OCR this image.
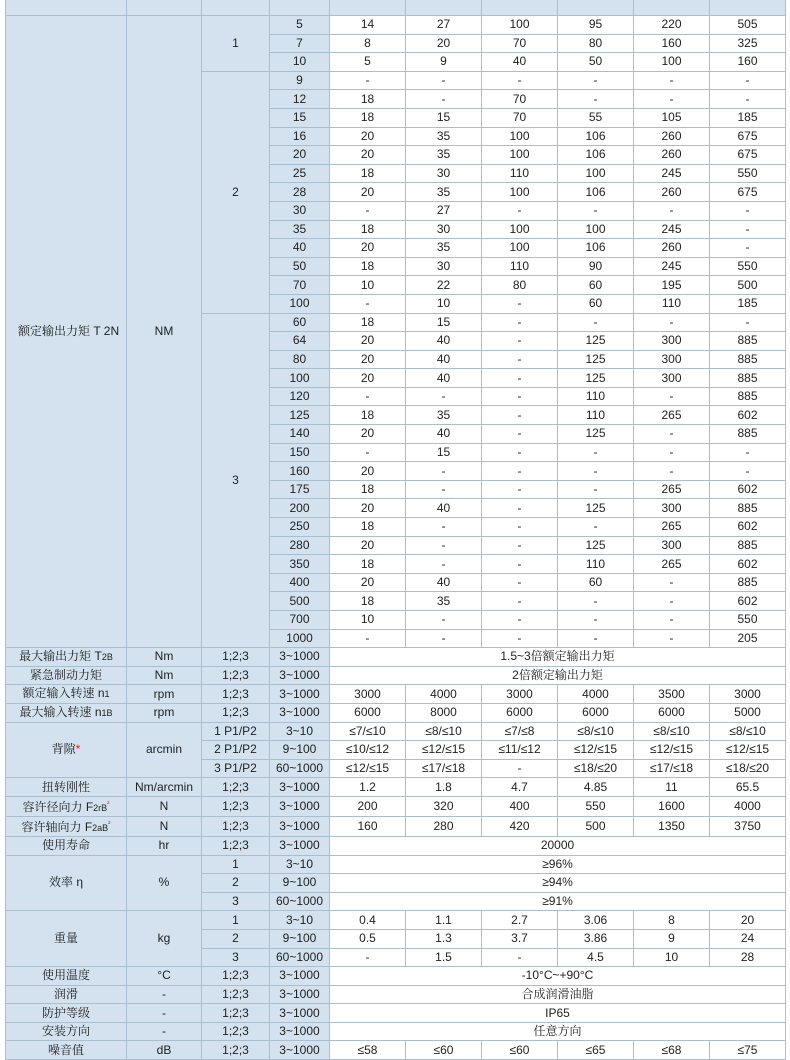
额定输出力矩 T 2N	NM	1	5	14	27	100	95	220	505
			7	8	20	70	80	160	325
			10	5	9	40	50	100	160
		2	9	-	-	-	-	-	-
			12	18	-	70	-	-	-
			15	18	15	70	55	105	185
			16	20	35	100	106	260	675
			20	20	35	100	106	260	675
			25	18	30	110	100	245	550
			28	20	35	100	106	260	675
			30	-	27	-	-	-	-
			35	18	30	100	100	245	-
			40	20	35	100	106	260	-
			50	18	30	110	90	245	550
			70	10	22	80	60	195	500
			100	-	10	-	60	110	185
		3	60	18	15	-	-	-	-
			64	20	40	-	125	300	885
			80	20	40	-	125	300	885
			100	20	40	-	125	300	885
			120	-	-	-	110	-	885
			125	18	35	-	110	265	602
			140	20	40	-	125	-	885
			150	-	15	-	-	-	-
			160	20	-	-	-	-	-
			175	18	-	-	-	265	602
			200	20	40	-	125	300	885
			250	18	-	-	-	265	602
			280	20	-	-	125	300	885
			350	18	-	-	110	265	602
			400	20	40	-	60	-	885
			500	18	35	-	-	-	602
			700	10	-	-	-	-	550
			1000	-	-	-	-	-	205
最大输出力矩 T2B	Nm	1;2;3	3~1000	1.5~3倍额定输出力矩					
紧急制动力矩	Nm	1;2;3	3~1000	2倍额定输出力矩					
额定输入转速 n1	rpm	1;2;3	3~1000	3000	4000	3000	4000	3500	3000
最大输入转速 n1B	rpm	1;2;3	3~1000	6000	8000	6000	6000	6000	5000
背隙*	arcmin	1 P1/P2	3~10	≤7/≤10	≤8/≤10	≤7/≤8	≤8/≤10	≤8/≤10	≤8/≤10
		2 P1/P2	9~100	≤10/≤12	≤12/≤15	≤11/≤12	≤12/≤15	≤12/≤15	≤12/≤15
		3 P1/P2	60~1000	≤12/≤15	≤17/≤18	-	≤18/≤20	≤17/≤18	≤18/≤20
扭转刚性	Nm/arcmin	1;2;3	3~1000	1.2	1.8	4.7	4.85	11	65.5
容许径向力 $F2rB^{^2}$	N	1;2;3	3~1000	200	320	400	550	1600	4000
容许轴向力 $F2aB^{^2}$	N	1;2;3	3~1000	160	280	420	500	1350	3750
使用寿命	hr	1;2;3	3~1000	20000					
效率 η	%	1	3~10	≥96%					
		2	9~100	≥94%					
		3	60~1000	≥91%					
重量	kg	1	3~10	0.4	1.1	2.7	3.06	8	20
		2	9~100	0.5	1.3	3.7	3.86	9	24
		3	60~1000	-	1.5	-	4.5	10	28
使用温度	°C	1;2;3	3~1000	-10°C~+90°C					
润滑	-	1;2;3	3~1000	合成润滑油脂					
防护等级	-	1;2;3	3~1000	IP65					
安装方向	-	1;2;3	3~1000	任意方向					
噪音值	dB	1;2;3	3~1000	≤58	≤60	≤60	≤65	≤68	≤75
